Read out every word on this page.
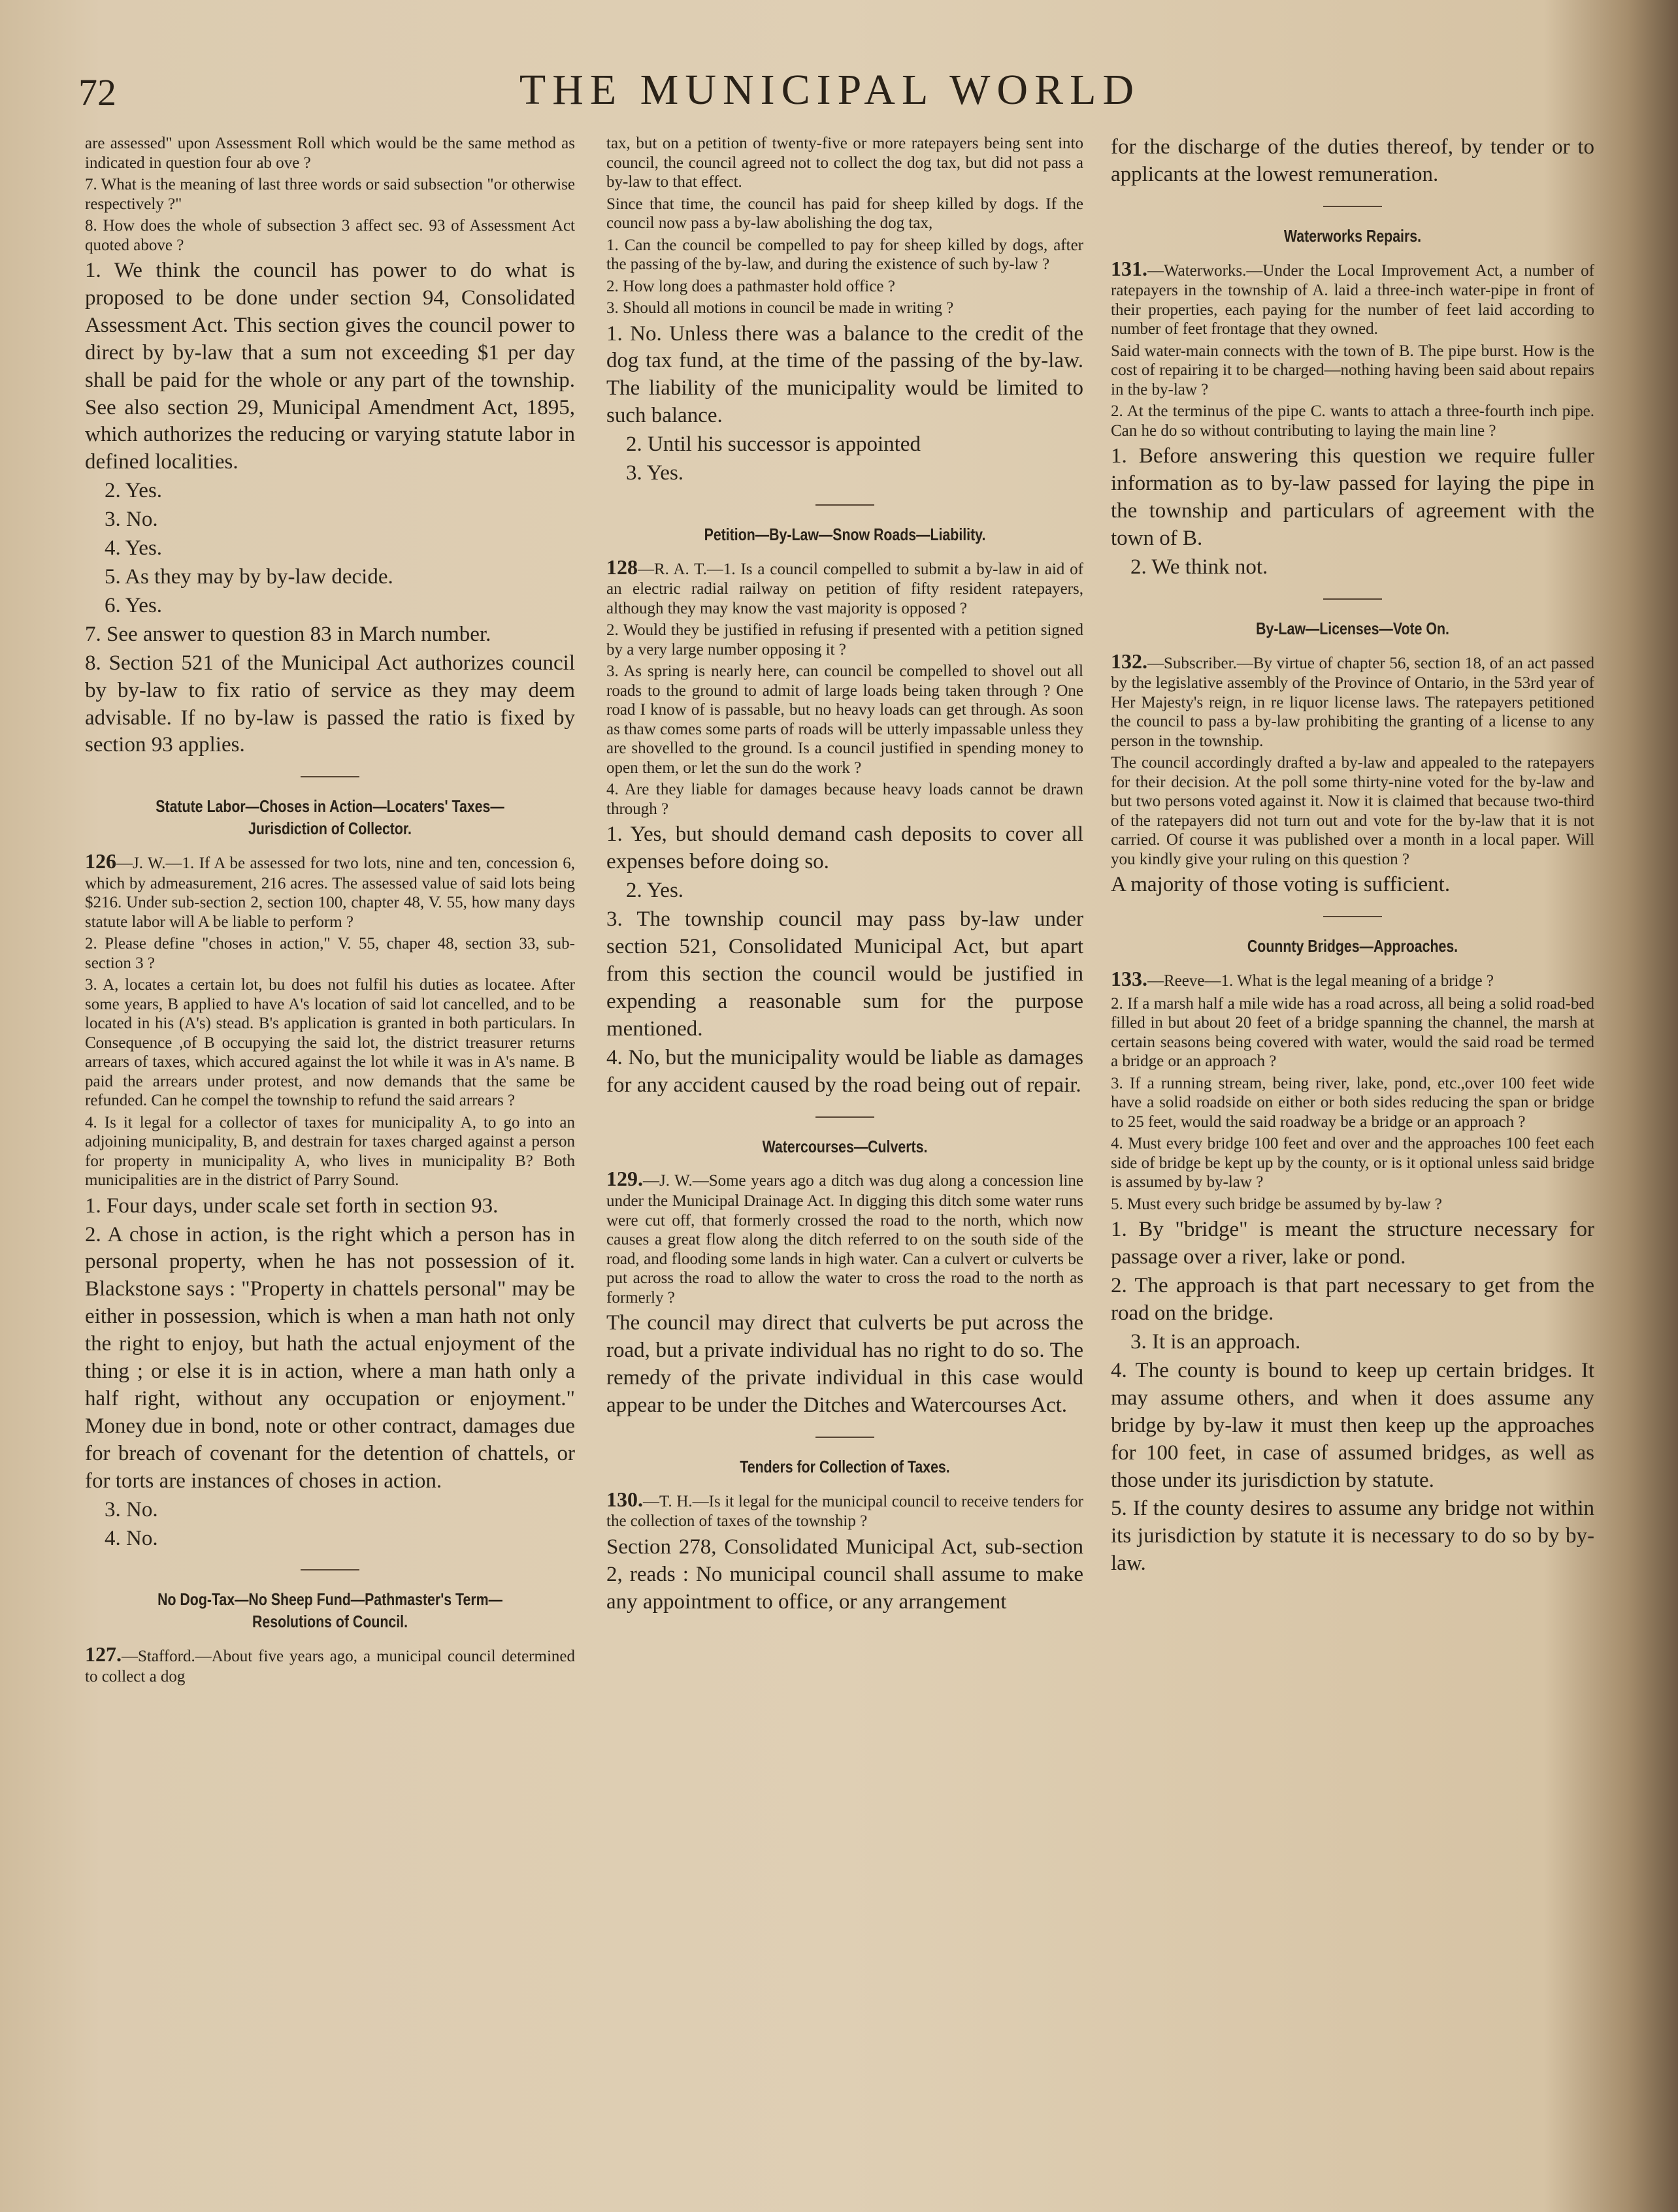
72	THE MUNICIPAL WORLD

are assessed" upon Assessment Roll which would be the same method as indicated in question four ab ove ?

7. What is the meaning of last three words or said subsection "or otherwise respectively ?"

8. How does the whole of subsection 3 affect sec. 93 of Assessment Act quoted above ?

1. We think the council has power to do what is proposed to be done under section 94, Consolidated Assessment Act. This section gives the council power to direct by by-law that a sum not exceeding $1 per day shall be paid for the whole or any part of the township. See also section 29, Municipal Amendment Act, 1895, which authorizes the reducing or varying statute labor in defined localities.

2. Yes.

3. No.

4. Yes.

5. As they may by by-law decide.

6. Yes.

7. See answer to question 83 in March number.

8. Section 521 of the Municipal Act authorizes council by by-law to fix ratio of service as they may deem advisable. If no by-law is passed the ratio is fixed by section 93 applies.

Statute Labor—Choses in Action—Locaters' Taxes—Jurisdiction of Collector.

126—J. W.—1. If A be assessed for two lots, nine and ten, concession 6, which by admeasurement, 216 acres. The assessed value of said lots being $216. Under sub-section 2, section 100, chapter 48, V. 55, how many days statute labor will A be liable to perform ?

2. Please define "choses in action," V. 55, chaper 48, section 33, sub-section 3 ?

3. A, locates a certain lot, bu does not fulfil his duties as locatee. After some years, B applied to have A's location of said lot cancelled, and to be located in his (A's) stead. B's application is granted in both particulars. In Consequence ,of B occupying the said lot, the district treasurer returns arrears of taxes, which accured against the lot while it was in A's name. B paid the arrears under protest, and now demands that the same be refunded. Can he compel the township to refund the said arrears ?

4. Is it legal for a collector of taxes for municipality A, to go into an adjoining municipality, B, and destrain for taxes charged against a person for property in municipality A, who lives in municipality B? Both municipalities are in the district of Parry Sound.

1. Four days, under scale set forth in section 93.

2. A chose in action, is the right which a person has in personal property, when he has not possession of it. Blackstone says : "Property in chattels personal" may be either in possession, which is when a man hath not only the right to enjoy, but hath the actual enjoyment of the thing ; or else it is in action, where a man hath only a half right, without any occupation or enjoyment." Money due in bond, note or other contract, damages due for breach of covenant for the detention of chattels, or for torts are instances of choses in action.

3. No.

4. No.

No Dog-Tax—No Sheep Fund—Pathmaster's Term—Resolutions of Council.

127.—Stafford.—About five years ago, a municipal council determined to collect a dog

tax, but on a petition of twenty-five or more ratepayers being sent into council, the council agreed not to collect the dog tax, but did not pass a by-law to that effect.

Since that time, the council has paid for sheep killed by dogs. If the council now pass a by-law abolishing the dog tax,

1. Can the council be compelled to pay for sheep killed by dogs, after the passing of the by-law, and during the existence of such by-law ?

2. How long does a pathmaster hold office ?

3. Should all motions in council be made in writing ?

1. No. Unless there was a balance to the credit of the dog tax fund, at the time of the passing of the by-law. The liability of the municipality would be limited to such balance.

2. Until his successor is appointed

3. Yes.

Petition—By-Law—Snow Roads—Liability.

128—R. A. T.—1. Is a council compelled to submit a by-law in aid of an electric radial railway on petition of fifty resident ratepayers, although they may know the vast majority is opposed ?

2. Would they be justified in refusing if presented with a petition signed by a very large number opposing it ?

3. As spring is nearly here, can council be compelled to shovel out all roads to the ground to admit of large loads being taken through ? One road I know of is passable, but no heavy loads can get through. As soon as thaw comes some parts of roads will be utterly impassable unless they are shovelled to the ground. Is a council justified in spending money to open them, or let the sun do the work ?

4. Are they liable for damages because heavy loads cannot be drawn through ?

1. Yes, but should demand cash deposits to cover all expenses before doing so.

2. Yes.

3. The township council may pass by-law under section 521, Consolidated Municipal Act, but apart from this section the council would be justified in expending a reasonable sum for the purpose mentioned.

4. No, but the municipality would be liable as damages for any accident caused by the road being out of repair.

Watercourses—Culverts.

129.—J. W.—Some years ago a ditch was dug along a concession line under the Municipal Drainage Act. In digging this ditch some water runs were cut off, that formerly crossed the road to the north, which now causes a great flow along the ditch referred to on the south side of the road, and flooding some lands in high water. Can a culvert or culverts be put across the road to allow the water to cross the road to the north as formerly ?

The council may direct that culverts be put across the road, but a private individual has no right to do so. The remedy of the private individual in this case would appear to be under the Ditches and Watercourses Act.

Tenders for Collection of Taxes.

130.—T. H.—Is it legal for the municipal council to receive tenders for the collection of taxes of the township ?

Section 278, Consolidated Municipal Act, sub-section 2, reads : No municipal council shall assume to make any appointment to office, or any arrangement

for the discharge of the duties thereof, by tender or to applicants at the lowest remuneration.

Waterworks Repairs.

131.—Waterworks.—Under the Local Improvement Act, a number of ratepayers in the township of A. laid a three-inch water-pipe in front of their properties, each paying for the number of feet laid according to number of feet frontage that they owned.

Said water-main connects with the town of B. The pipe burst. How is the cost of repairing it to be charged—nothing having been said about repairs in the by-law ?

2. At the terminus of the pipe C. wants to attach a three-fourth inch pipe. Can he do so without contributing to laying the main line ?

1. Before answering this question we require fuller information as to by-law passed for laying the pipe in the township and particulars of agreement with the town of B.

2. We think not.

By-Law—Licenses—Vote On.

132.—Subscriber.—By virtue of chapter 56, section 18, of an act passed by the legislative assembly of the Province of Ontario, in the 53rd year of Her Majesty's reign, in re liquor license laws. The ratepayers petitioned the council to pass a by-law prohibiting the granting of a license to any person in the township.

The council accordingly drafted a by-law and appealed to the ratepayers for their decision. At the poll some thirty-nine voted for the by-law and but two persons voted against it. Now it is claimed that because two-third of the ratepayers did not turn out and vote for the by-law that it is not carried. Of course it was published over a month in a local paper. Will you kindly give your ruling on this question ?

A majority of those voting is sufficient.

Counnty Bridges—Approaches.

133.—Reeve—1. What is the legal meaning of a bridge ?

2. If a marsh half a mile wide has a road across, all being a solid road-bed filled in but about 20 feet of a bridge spanning the channel, the marsh at certain seasons being covered with water, would the said road be termed a bridge or an approach ?

3. If a running stream, being river, lake, pond, etc.,over 100 feet wide have a solid roadside on either or both sides reducing the span or bridge to 25 feet, would the said roadway be a bridge or an approach ?

4. Must every bridge 100 feet and over and the approaches 100 feet each side of bridge be kept up by the county, or is it optional unless said bridge is assumed by by-law ?

5. Must every such bridge be assumed by by-law ?

1. By "bridge" is meant the structure necessary for passage over a river, lake or pond.

2. The approach is that part necessary to get from the road on the bridge.

3. It is an approach.

4. The county is bound to keep up certain bridges. It may assume others, and when it does assume any bridge by by-law it must then keep up the approaches for 100 feet, in case of assumed bridges, as well as those under its jurisdiction by statute.

5. If the county desires to assume any bridge not within its jurisdiction by statute it is necessary to do so by by-law.
